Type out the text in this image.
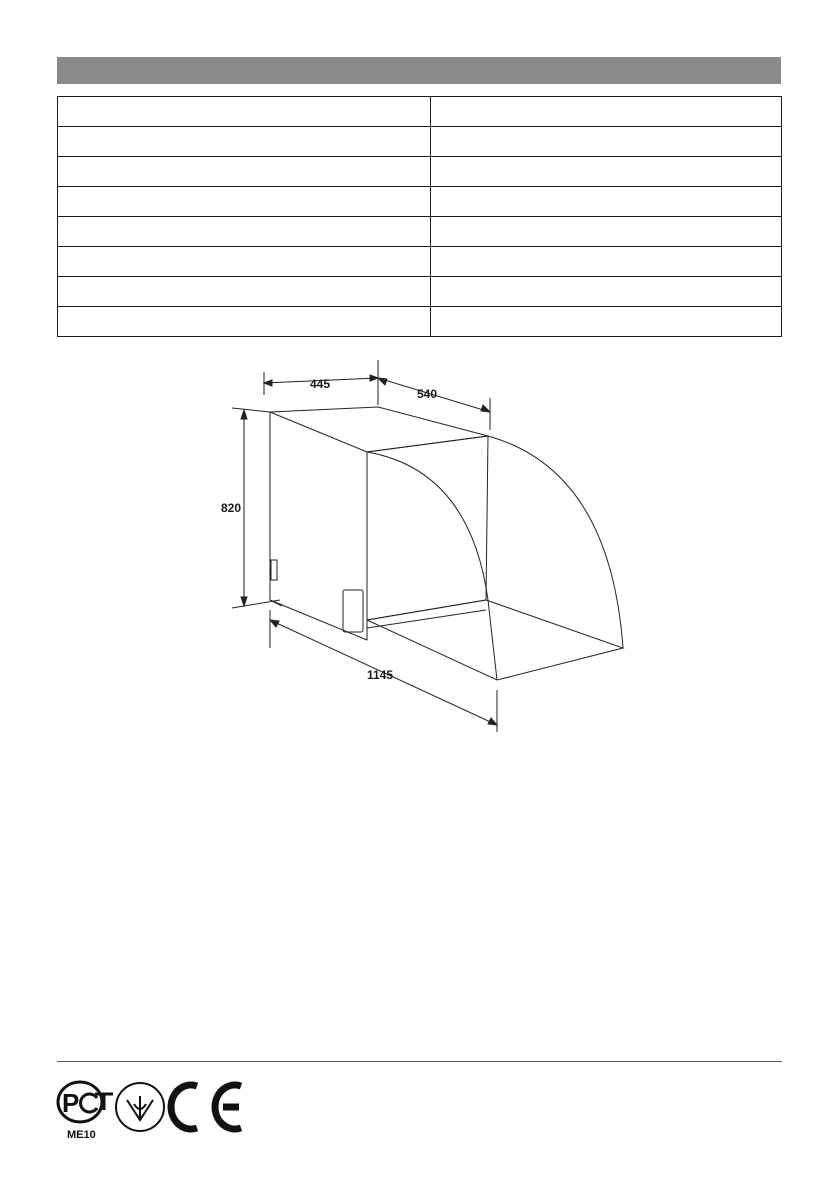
445
540
820
1145
P
ME10
